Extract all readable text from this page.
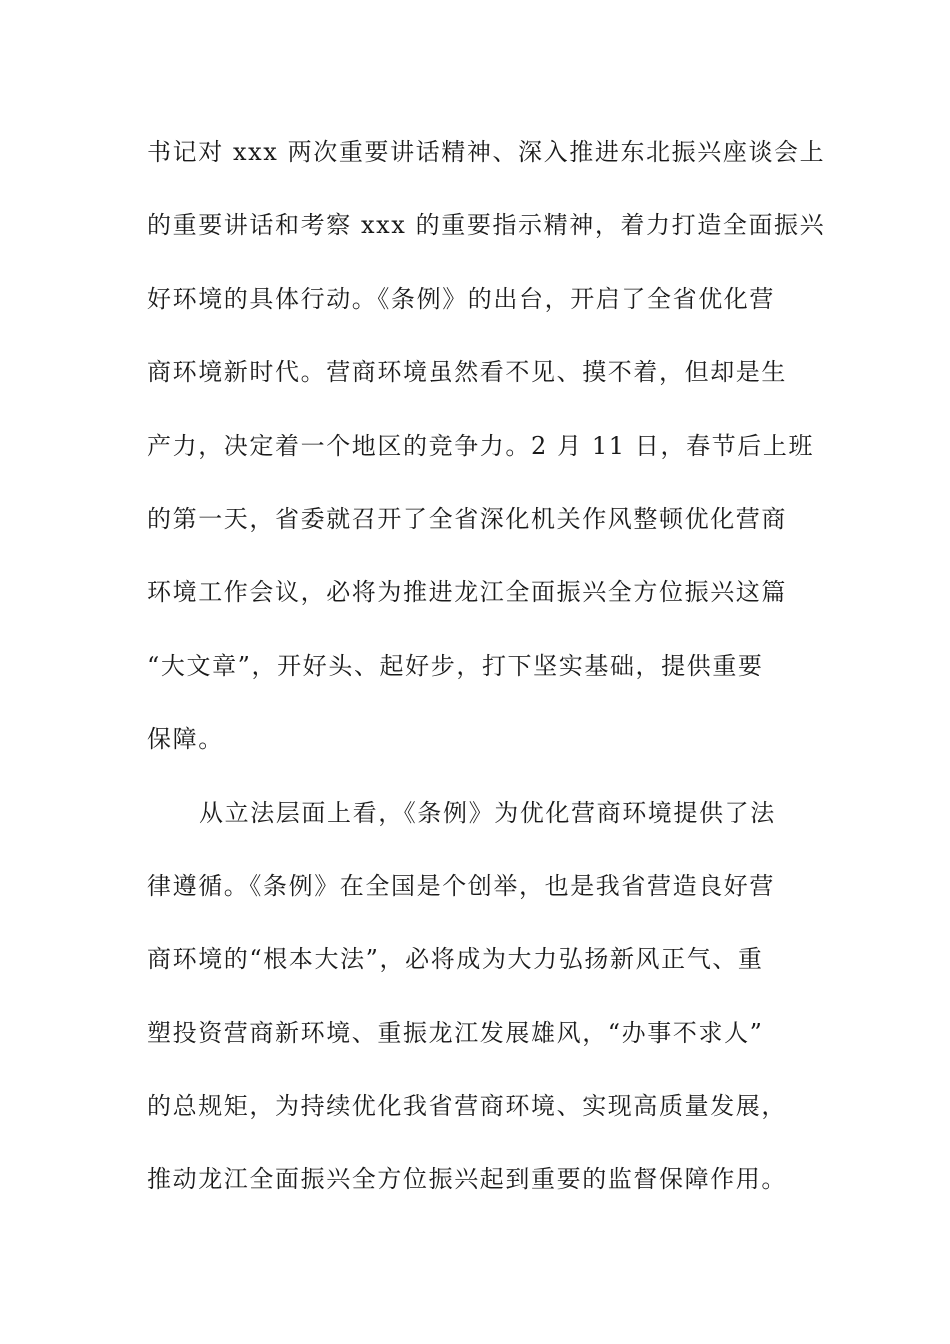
书记对 xxx 两次重要讲话精神、深入推进东北振兴座谈会上
的重要讲话和考察 xxx 的重要指示精神，着力打造全面振兴
好环境的具体行动。《条例》的出台，开启了全省优化营
商环境新时代。营商环境虽然看不见、摸不着，但却是生
产力，决定着一个地区的竞争力。2 月 11 日，春节后上班
的第一天，省委就召开了全省深化机关作风整顿优化营商
环境工作会议，必将为推进龙江全面振兴全方位振兴这篇
“大文章”，开好头、起好步，打下坚实基础，提供重要
保障。
从立法层面上看，《条例》为优化营商环境提供了法
律遵循。《条例》在全国是个创举，也是我省营造良好营
商环境的“根本大法”，必将成为大力弘扬新风正气、重
塑投资营商新环境、重振龙江发展雄风，“办事不求人”
的总规矩，为持续优化我省营商环境、实现高质量发展，
推动龙江全面振兴全方位振兴起到重要的监督保障作用。
